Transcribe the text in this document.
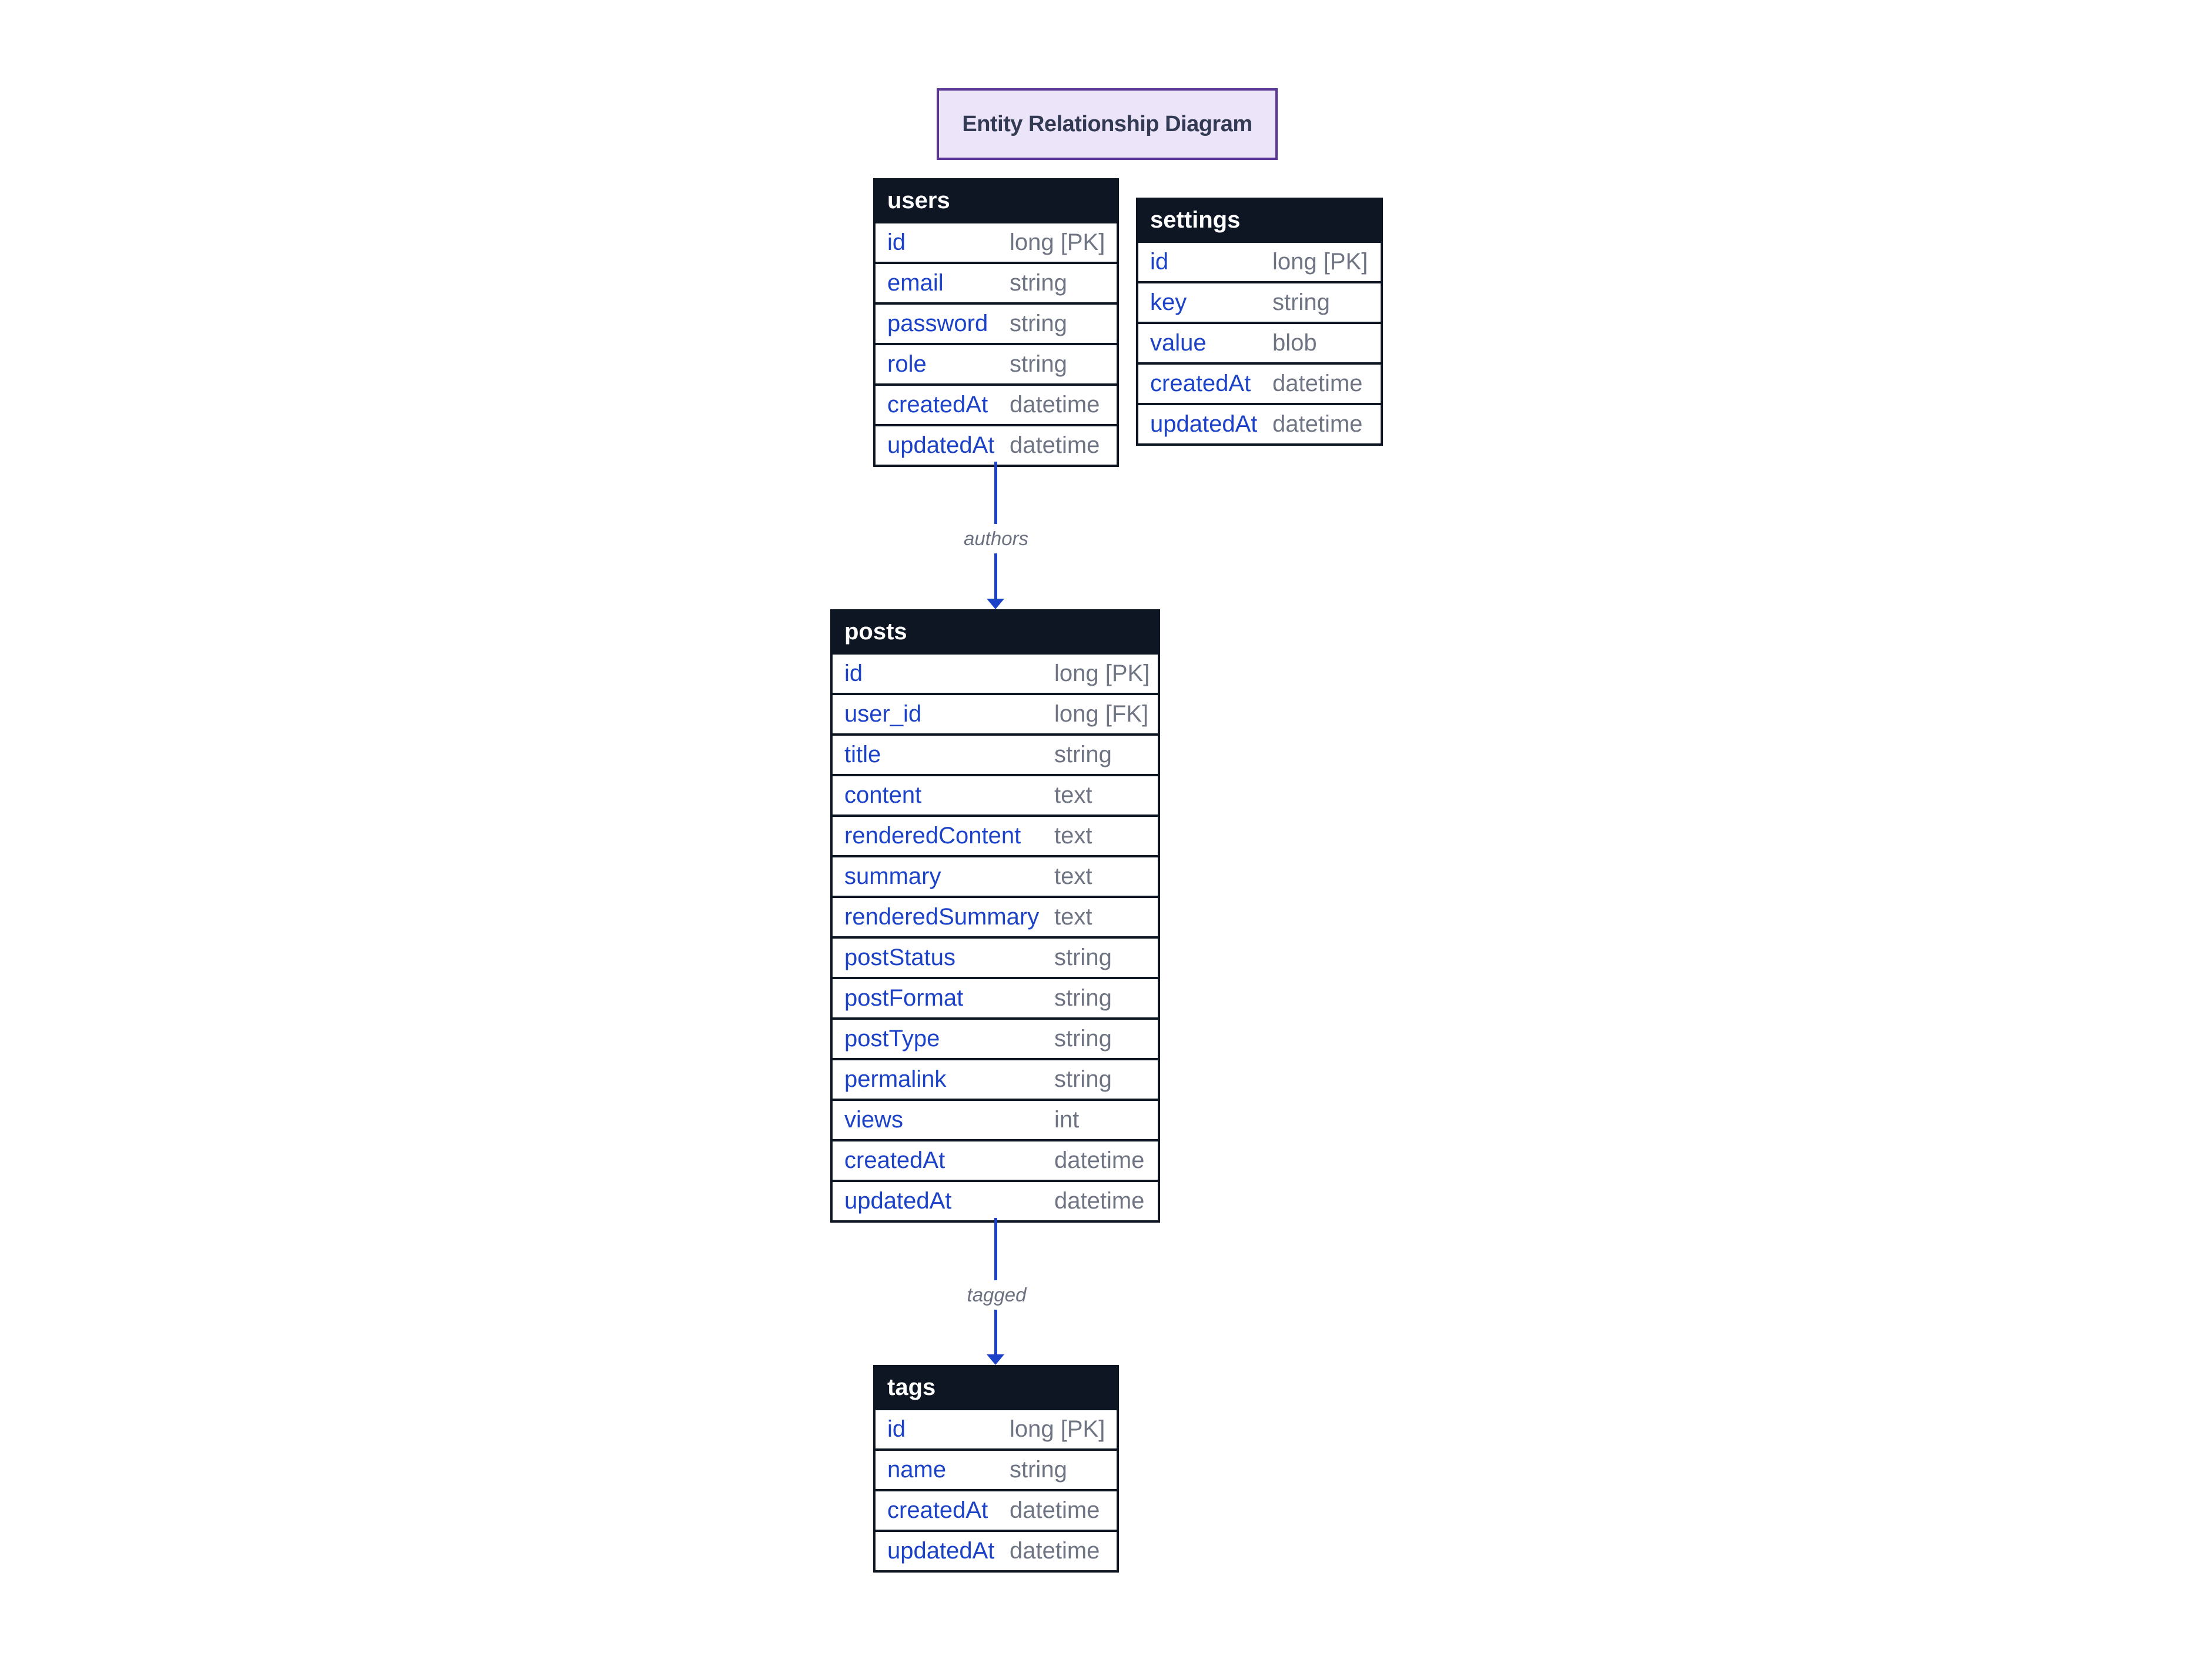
Entity Relationship Diagram
users
id	long [PK]
email	string
password string
role	string
createdAt datetime
updatedAt datetime
settings
id	long [PK]
key	string
value	blob
createdAt datetime
updatedAt datetime
posts
id	long [PK]
user_id	long [FK]
title	string
content	text
renderedContent text
summary	text
renderedSummary text
postStatus	string
postFormat	string
postType	string
permalink	string
views	int
createdAt	datetime
updatedAt	datetime
tags
id	long [PK]
name	string
createdAt datetime
updatedAt datetime
authors
tagged
